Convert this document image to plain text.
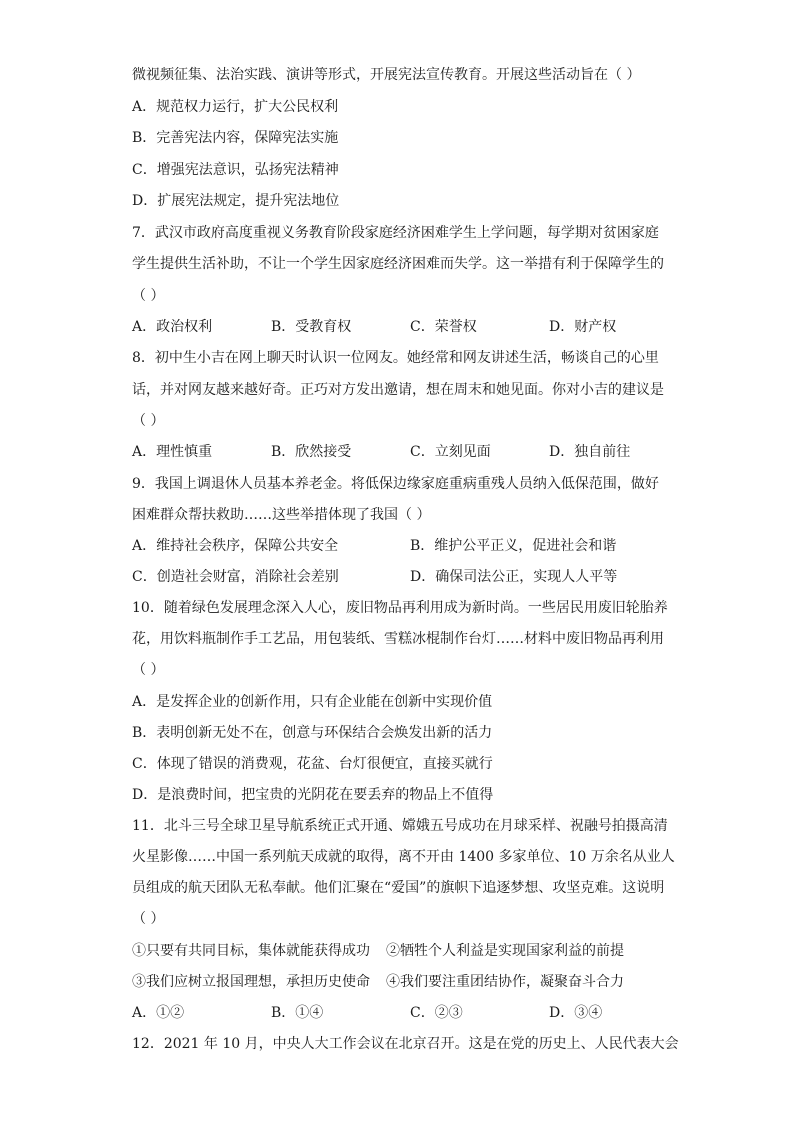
微视频征集、法治实践、演讲等形式，开展宪法宣传教育。开展这些活动旨在（ ）
A．规范权力运行，扩大公民权利
B．完善宪法内容，保障宪法实施
C．增强宪法意识，弘扬宪法精神
D．扩展宪法规定，提升宪法地位
7．武汉市政府高度重视义务教育阶段家庭经济困难学生上学问题，每学期对贫困家庭
学生提供生活补助，不让一个学生因家庭经济困难而失学。这一举措有利于保障学生的
（ ）
A．政治权利	B．受教育权	C．荣誉权	D．财产权
8．初中生小吉在网上聊天时认识一位网友。她经常和网友讲述生活，畅谈自己的心里
话，并对网友越来越好奇。正巧对方发出邀请，想在周末和她见面。你对小吉的建议是
（ ）
A．理性慎重	B．欣然接受	C．立刻见面	D．独自前往
9．我国上调退休人员基本养老金。将低保边缘家庭重病重残人员纳入低保范围，做好
困难群众帮扶救助……这些举措体现了我国（ ）
A．维持社会秩序，保障公共安全	B．维护公平正义，促进社会和谐
C．创造社会财富，消除社会差别	D．确保司法公正，实现人人平等
10．随着绿色发展理念深入人心，废旧物品再利用成为新时尚。一些居民用废旧轮胎养
花，用饮料瓶制作手工艺品，用包装纸、雪糕冰棍制作台灯……材料中废旧物品再利用
（ ）
A．是发挥企业的创新作用，只有企业能在创新中实现价值
B．表明创新无处不在，创意与环保结合会焕发出新的活力
C．体现了错误的消费观，花盆、台灯很便宜，直接买就行
D．是浪费时间，把宝贵的光阴花在要丢弃的物品上不值得
11．北斗三号全球卫星导航系统正式开通、嫦娥五号成功在月球采样、祝融号拍摄高清
火星影像……中国一系列航天成就的取得，离不开由 1400 多家单位、10 万余名从业人
员组成的航天团队无私奉献。他们汇聚在“爱国”的旗帜下追逐梦想、攻坚克难。这说明
（ ）
①只要有共同目标，集体就能获得成功 ②牺牲个人利益是实现国家利益的前提
③我们应树立报国理想，承担历史使命 ④我们要注重团结协作，凝聚奋斗合力
A．①②	B．①④	C．②③	D．③④
12．2021 年 10 月，中央人大工作会议在北京召开。这是在党的历史上、人民代表大会
